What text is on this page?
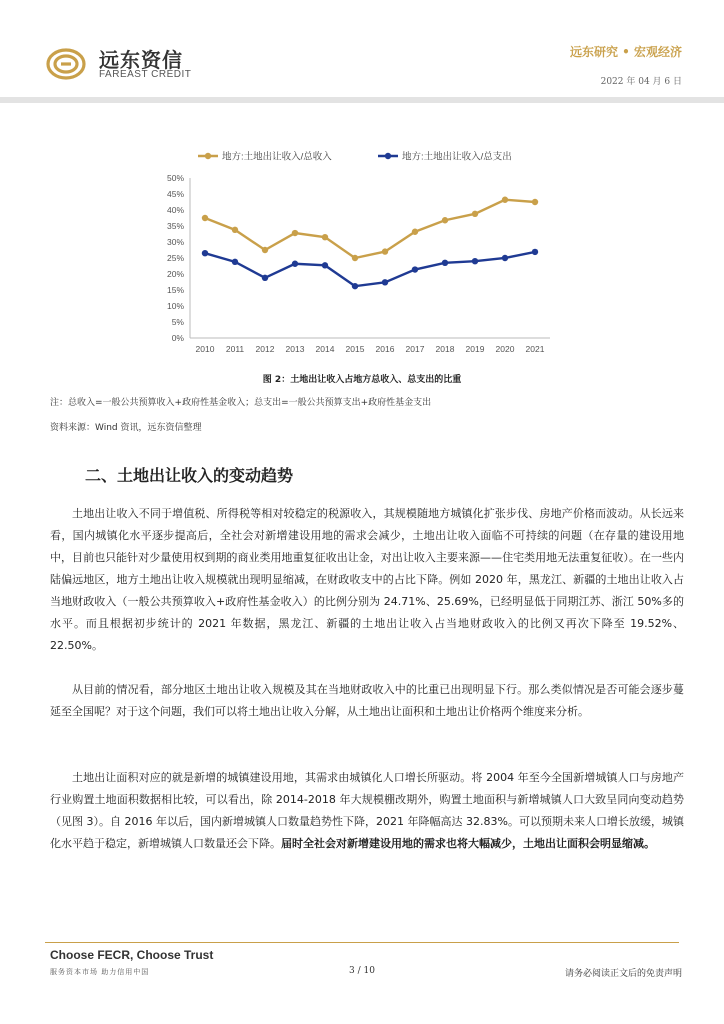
远东资信
FAREAST CREDIT
远东研究 • 宏观经济
2022 年 04 月 6 日
0%
5%
10%
15%
20%
25%
30%
35%
40%
45%
50%
2010 2011 2012 2013 2014 2015 2016 2017 2018 2019 2020 2021
地方:土地出让收入/总收入	地方:土地出让收入/总支出
图 2：土地出让收入占地方总收入、总支出的比重
注：总收入=一般公共预算收入+政府性基金收入；总支出=一般公共预算支出+政府性基金支出
资料来源：Wind 资讯，远东资信整理
二、土地出让收入的变动趋势

土地出让收入不同于增值税、所得税等相对较稳定的税源收入，其规模随地方城镇化扩张步伐、房地产价格而波动。从长远来看，国内城镇化水平逐步提高后，全社会对新增建设用地的需求会减少，土地出让收入面临不可持续的问题（在存量的建设用地中，目前也只能针对少量使用权到期的商业类用地重复征收出让金，对出让收入主要来源——住宅类用地无法重复征收）。在一些内陆偏远地区，地方土地出让收入规模就出现明显缩减，在财政收支中的占比下降。例如 2020 年，黑龙江、新疆的土地出让收入占当地财政收入（一般公共预算收入+政府性基金收入）的比例分别为 24.71%、25.69%，已经明显低于同期江苏、浙江 50%多的水平。而且根据初步统计的 2021 年数据，黑龙江、新疆的土地出让收入占当地财政收入的比例又再次下降至 19.52%、22.50%。

从目前的情况看，部分地区土地出让收入规模及其在当地财政收入中的比重已出现明显下行。那么类似情况是否可能会逐步蔓延至全国呢？对于这个问题，我们可以将土地出让收入分解，从土地出让面积和土地出让价格两个维度来分析。

土地出让面积对应的就是新增的城镇建设用地，其需求由城镇化人口增长所驱动。将 2004 年至今全国新增城镇人口与房地产行业购置土地面积数据相比较，可以看出，除 2014-2018 年大规模棚改期外，购置土地面积与新增城镇人口大致呈同向变动趋势（见图 3）。自 2016 年以后，国内新增城镇人口数量趋势性下降，2021 年降幅高达 32.83%。可以预期未来人口增长放缓，城镇化水平趋于稳定，新增城镇人口数量还会下降。届时全社会对新增建设用地的需求也将大幅减少，土地出让面积会明显缩减。

Choose FECR, Choose Trust
服务资本市场 助力信用中国	3 / 10	请务必阅读正文后的免责声明
